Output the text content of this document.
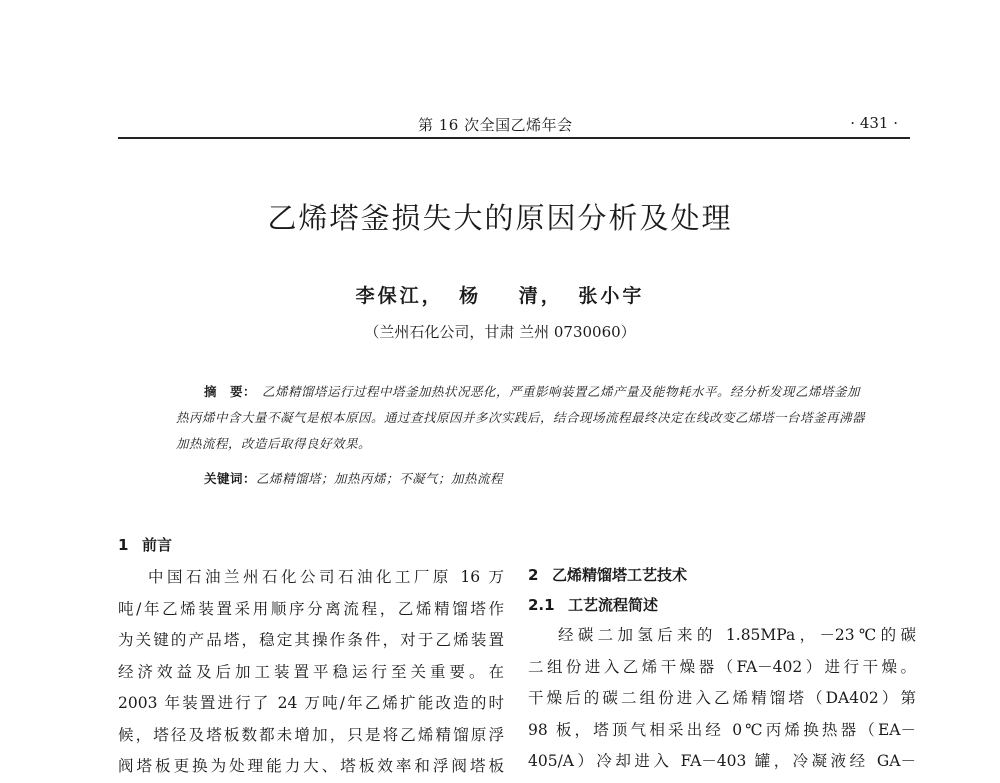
第 16 次全国乙烯年会	· 431 ·
乙烯塔釜损失大的原因分析及处理
李保江， 杨　 清， 张小宇
（兰州石化公司，甘肃 兰州 0730060）
摘　要： 乙烯精馏塔运行过程中塔釜加热状况恶化，严重影响装置乙烯产量及能物耗水平。经分析发现乙烯塔釜加热丙烯中含大量不凝气是根本原因。通过查找原因并多次实践后，结合现场流程最终决定在线改变乙烯塔一台塔釜再沸器加热流程，改造后取得良好效果。
关键词：乙烯精馏塔；加热丙烯；不凝气；加热流程
1 前言
中国石油兰州石化公司石油化工厂原 16 万
吨/年乙烯装置采用顺序分离流程，乙烯精馏塔作
为关键的产品塔，稳定其操作条件，对于乙烯装置
经济效益及后加工装置平稳运行至关重要。在
2003 年装置进行了 24 万吨/年乙烯扩能改造的时
候，塔径及塔板数都未增加，只是将乙烯精馏原浮
阀塔板更换为处理能力大、塔板效率和浮阀塔板
2 乙烯精馏塔工艺技术
2.1 工艺流程简述
经碳二加氢后来的 1.85MPa，－23℃的碳
二组份进入乙烯干燥器（FA－402）进行干燥。
干燥后的碳二组份进入乙烯精馏塔（DA402）第
98 板，塔顶气相采出经 0℃丙烯换热器（EA－
405/A）冷却进入 FA－403 罐，冷凝液经 GA－
